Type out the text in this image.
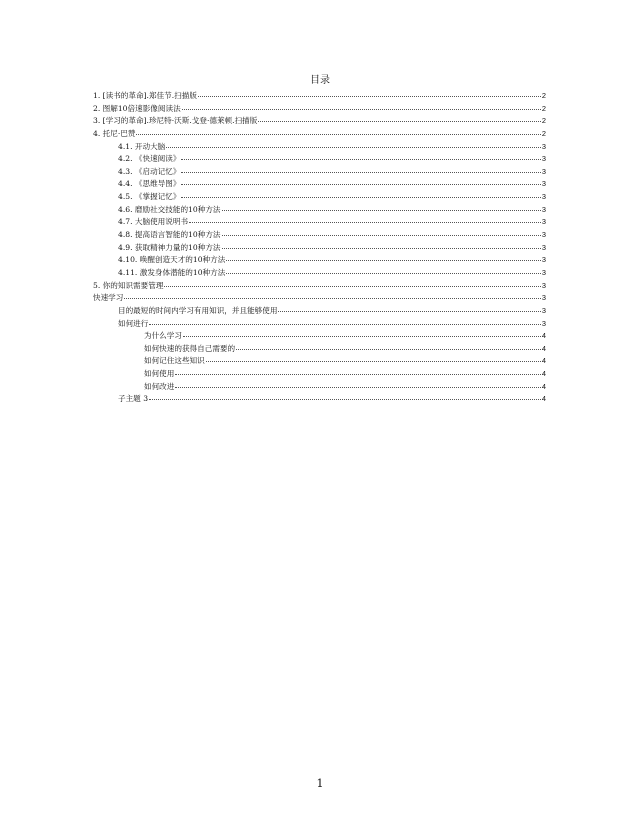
目录
1. [读书的革命].郑佳节.扫描版	2
2. 图解10倍速影像阅读法	2
3. [学习的革命].珍尼特·沃斯.戈登·德莱顿.扫描版	2
4. 托尼·巴赞	2
4.1. 开动大脑	3
4.2. 《快速阅读》	3
4.3. 《启动记忆》	3
4.4. 《思维导图》	3
4.5. 《掌握记忆》	3
4.6. 磨励社交技能的10种方法	3
4.7. 大脑使用说明书	3
4.8. 提高语言智能的10种方法	3
4.9. 获取精神力量的10种方法	3
4.10. 唤醒创造天才的10种方法	3
4.11. 激发身体潜能的10种方法	3
5. 你的知识需要管理	3
快速学习	3
目的最短的时间内学习有用知识，并且能够使用	3
如何进行	3
为什么学习	4
如何快速的获得自己需要的	4
如何记住这些知识	4
如何使用	4
如何改进	4
子主题 3	4
1
